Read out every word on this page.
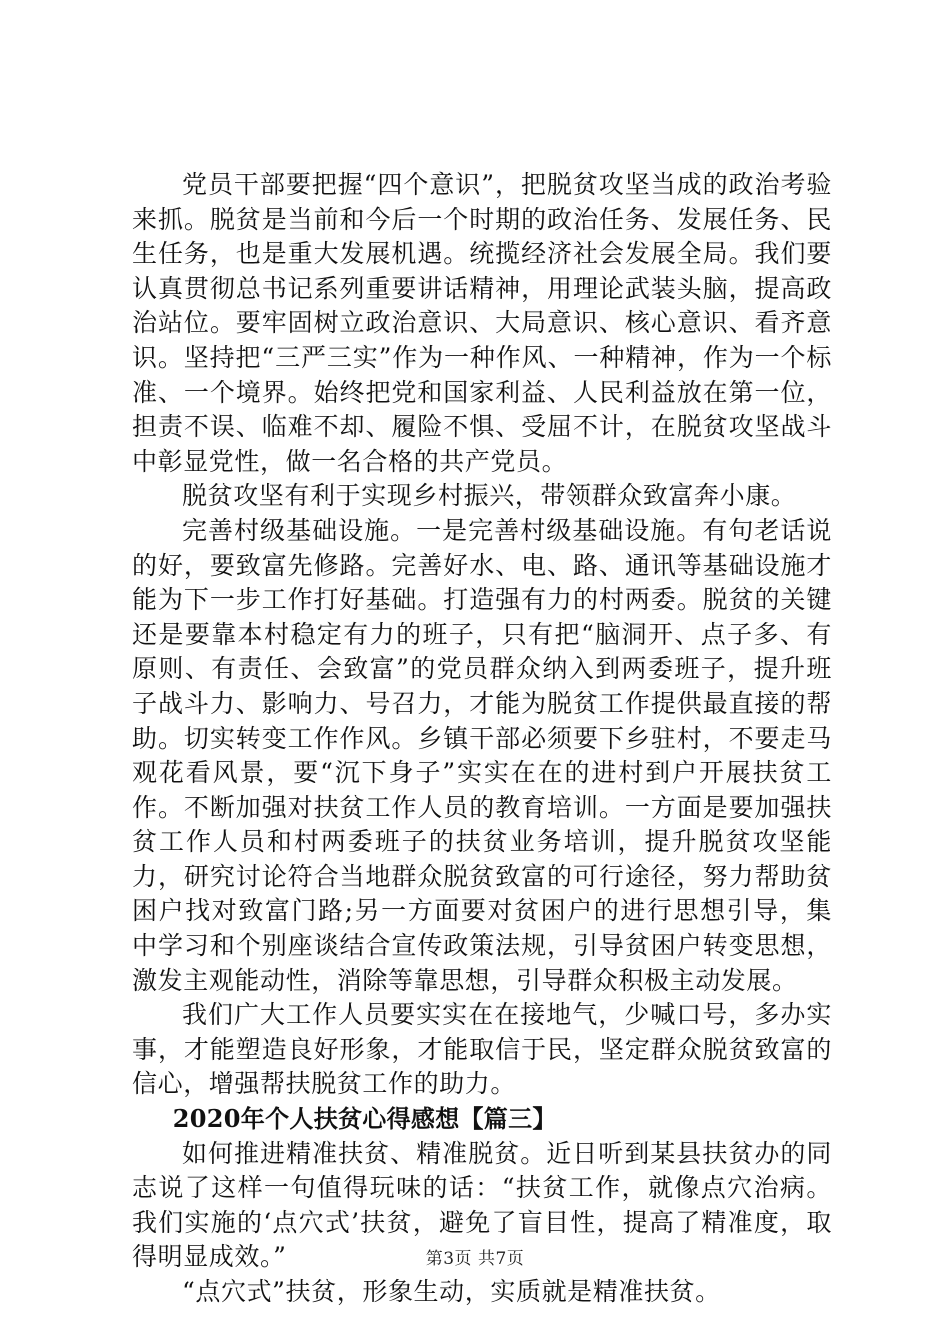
党员干部要把握“四个意识”，把脱贫攻坚当成的政治考验来抓。脱贫是当前和今后一个时期的政治任务、发展任务、民生任务，也是重大发展机遇。统揽经济社会发展全局。我们要认真贯彻总书记系列重要讲话精神，用理论武装头脑，提高政治站位。要牢固树立政治意识、大局意识、核心意识、看齐意识。坚持把“三严三实”作为一种作风、一种精神，作为一个标准、一个境界。始终把党和国家利益、人民利益放在第一位，担责不误、临难不却、履险不惧、受屈不计，在脱贫攻坚战斗中彰显党性，做一名合格的共产党员。

脱贫攻坚有利于实现乡村振兴，带领群众致富奔小康。

完善村级基础设施。一是完善村级基础设施。有句老话说的好，要致富先修路。完善好水、电、路、通讯等基础设施才能为下一步工作打好基础。打造强有力的村两委。脱贫的关键还是要靠本村稳定有力的班子，只有把“脑洞开、点子多、有原则、有责任、会致富”的党员群众纳入到两委班子，提升班子战斗力、影响力、号召力，才能为脱贫工作提供最直接的帮助。切实转变工作作风。乡镇干部必须要下乡驻村，不要走马观花看风景，要“沉下身子”实实在在的进村到户开展扶贫工作。不断加强对扶贫工作人员的教育培训。一方面是要加强扶贫工作人员和村两委班子的扶贫业务培训，提升脱贫攻坚能力，研究讨论符合当地群众脱贫致富的可行途径，努力帮助贫困户找对致富门路;另一方面要对贫困户的进行思想引导，集中学习和个别座谈结合宣传政策法规，引导贫困户转变思想，激发主观能动性，消除等靠思想，引导群众积极主动发展。

我们广大工作人员要实实在在接地气，少喊口号，多办实事，才能塑造良好形象，才能取信于民，坚定群众脱贫致富的信心，增强帮扶脱贫工作的助力。

2020年个人扶贫心得感想【篇三】

如何推进精准扶贫、精准脱贫。近日听到某县扶贫办的同志说了这样一句值得玩味的话：“扶贫工作，就像点穴治病。我们实施的‘点穴式’扶贫，避免了盲目性，提高了精准度，取得明显成效。”

“点穴式”扶贫，形象生动，实质就是精准扶贫。

第3页 共7页
